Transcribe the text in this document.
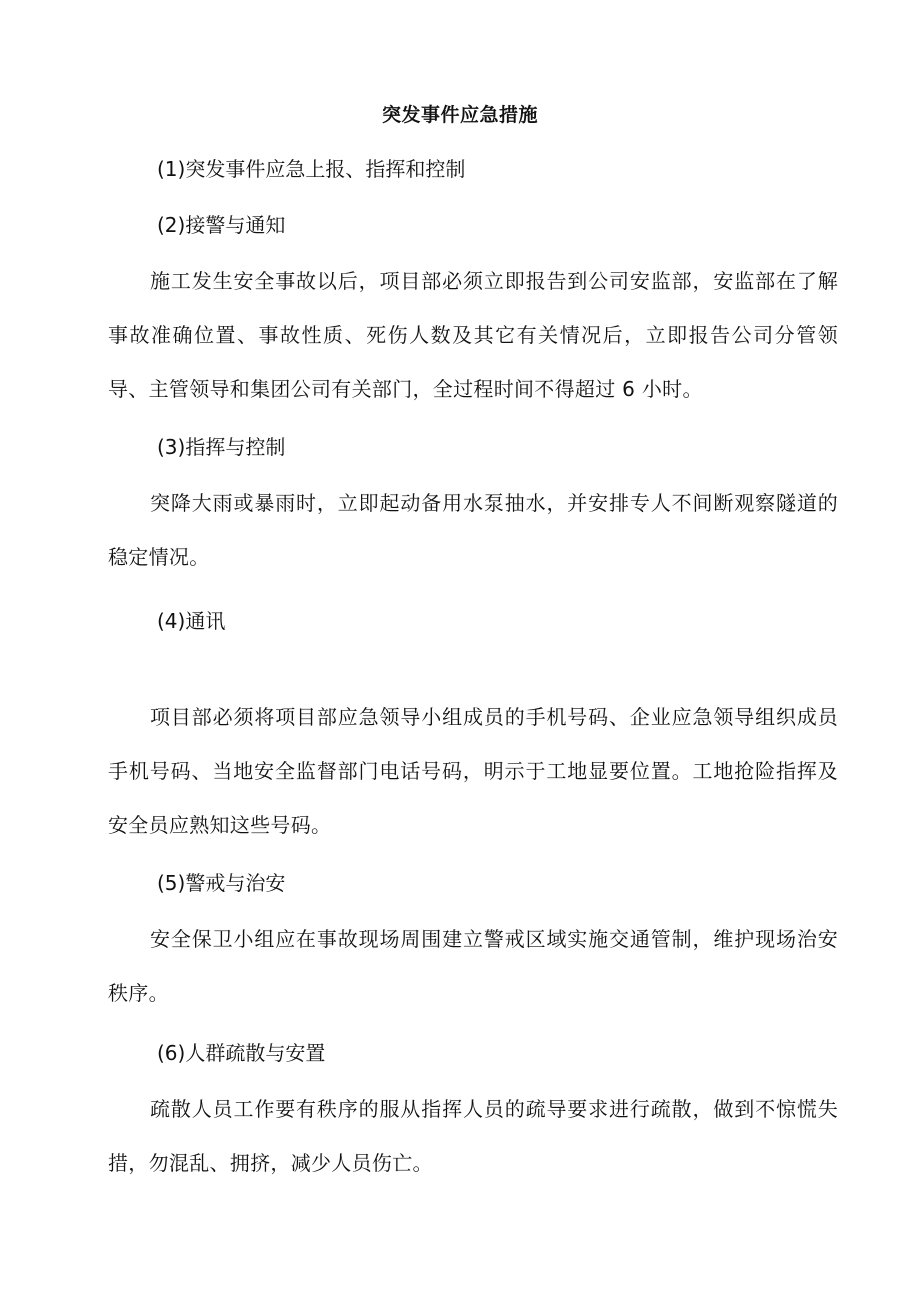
突发事件应急措施
(1)突发事件应急上报、指挥和控制
(2)接警与通知
施工发生安全事故以后，项目部必须立即报告到公司安监部，安监部在了解事故准确位置、事故性质、死伤人数及其它有关情况后，立即报告公司分管领导、主管领导和集团公司有关部门，全过程时间不得超过 6 小时。
(3)指挥与控制
突降大雨或暴雨时，立即起动备用水泵抽水，并安排专人不间断观察隧道的稳定情况。
(4)通讯
项目部必须将项目部应急领导小组成员的手机号码、企业应急领导组织成员手机号码、当地安全监督部门电话号码，明示于工地显要位置。工地抢险指挥及安全员应熟知这些号码。
(5)警戒与治安
安全保卫小组应在事故现场周围建立警戒区域实施交通管制，维护现场治安秩序。
(6)人群疏散与安置
疏散人员工作要有秩序的服从指挥人员的疏导要求进行疏散，做到不惊慌失措，勿混乱、拥挤，减少人员伤亡。
